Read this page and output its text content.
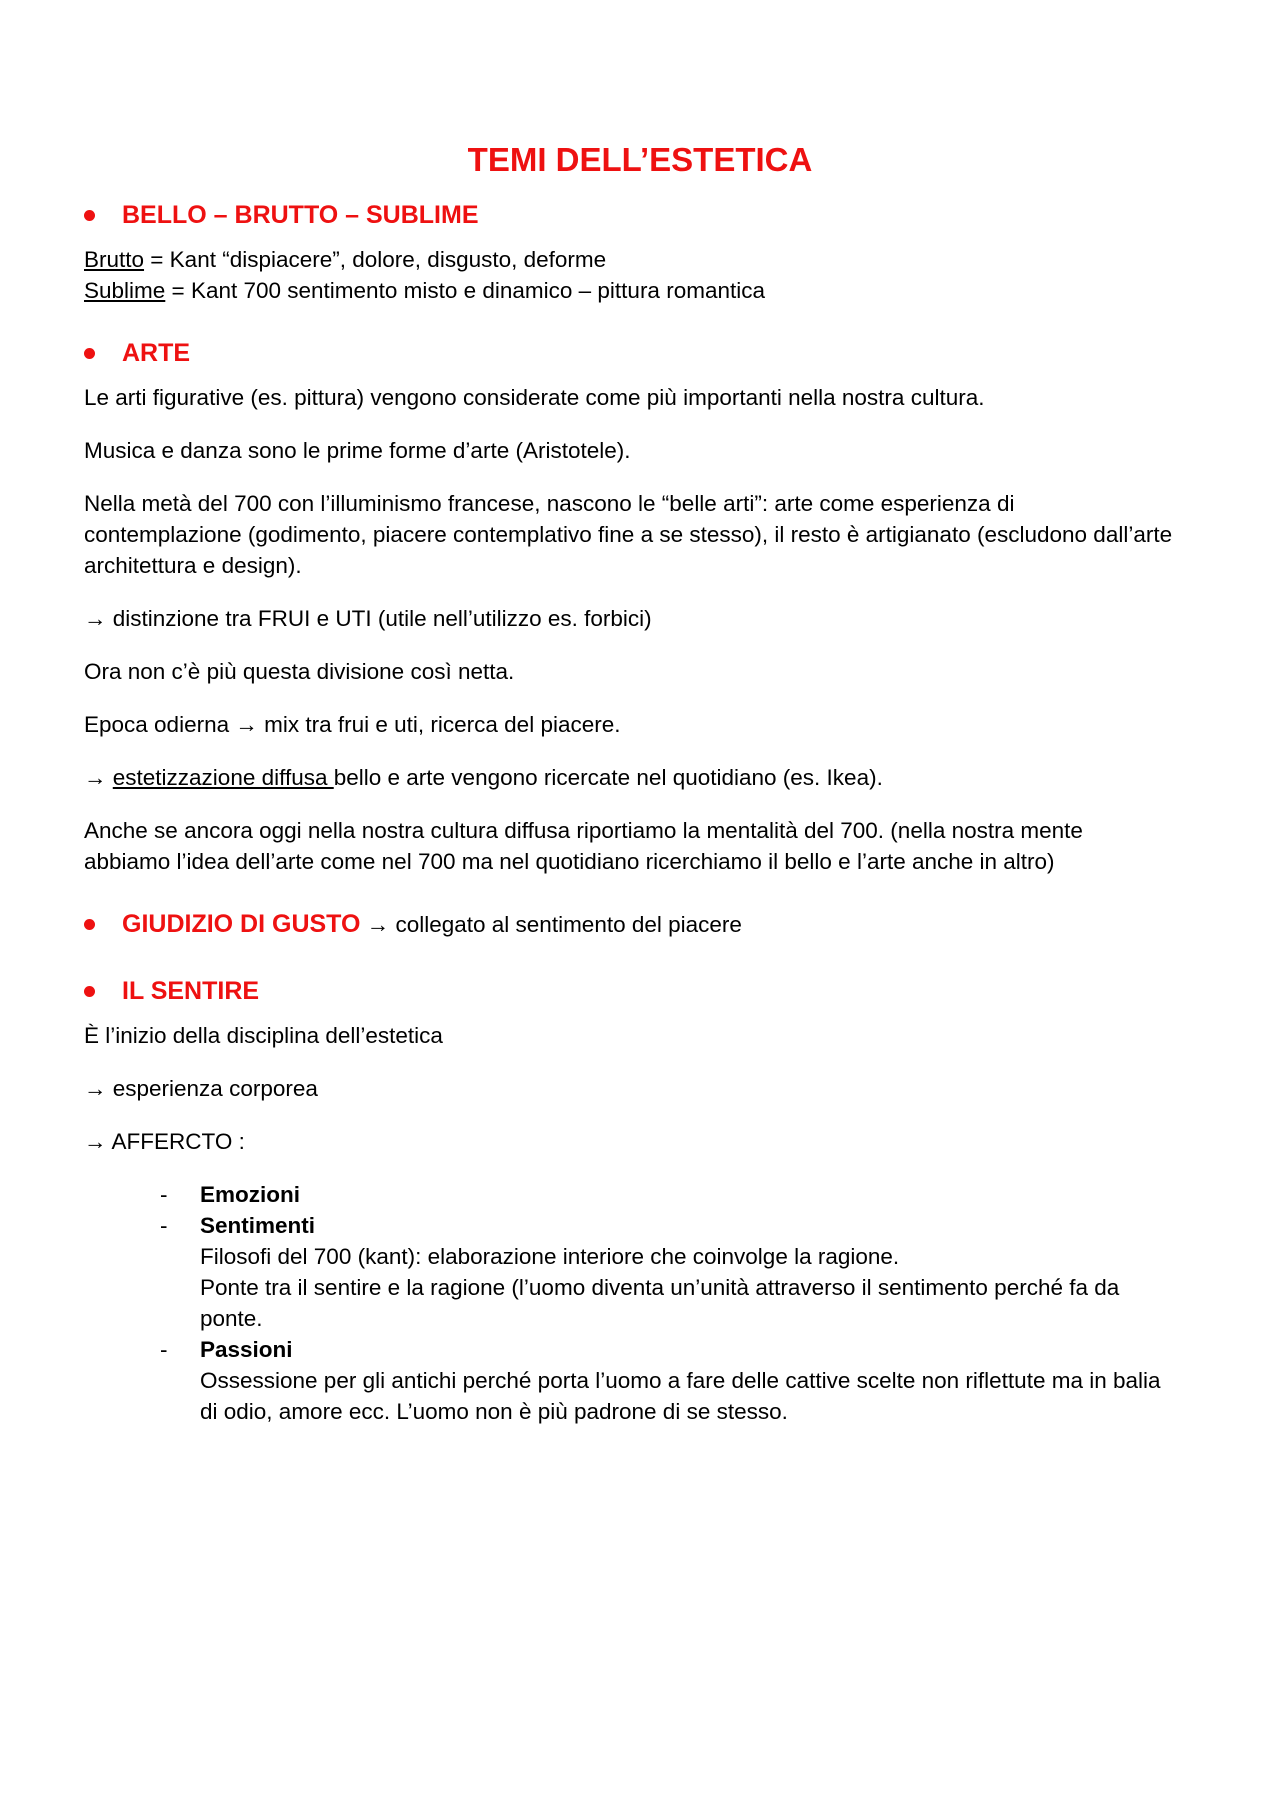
TEMI DELL’ESTETICA
BELLO – BRUTTO – SUBLIME

Brutto = Kant “dispiacere”, dolore, disgusto, deforme
Sublime = Kant 700 sentimento misto e dinamico – pittura romantica

ARTE

Le arti figurative (es. pittura) vengono considerate come più importanti nella nostra cultura.

Musica e danza sono le prime forme d’arte (Aristotele).

Nella metà del 700 con l’illuminismo francese, nascono le “belle arti”: arte come esperienza di contemplazione (godimento, piacere contemplativo fine a se stesso), il resto è artigianato (escludono dall’arte architettura e design).

→ distinzione tra FRUI e UTI (utile nell’utilizzo es. forbici)

Ora non c’è più questa divisione così netta.

Epoca odierna → mix tra frui e uti, ricerca del piacere.

→ estetizzazione diffusa bello e arte vengono ricercate nel quotidiano (es. Ikea).

Anche se ancora oggi nella nostra cultura diffusa riportiamo la mentalità del 700. (nella nostra mente abbiamo l’idea dell’arte come nel 700 ma nel quotidiano ricerchiamo il bello e l’arte anche in altro)

GIUDIZIO DI GUSTO → collegato al sentimento del piacere
IL SENTIRE

È l’inizio della disciplina dell’estetica

→ esperienza corporea

→ AFFERCTO :

- Emozioni
- Sentimenti
Filosofi del 700 (kant): elaborazione interiore che coinvolge la ragione.
Ponte tra il sentire e la ragione (l’uomo diventa un’unità attraverso il sentimento perché fa da ponte.
- Passioni
Ossessione per gli antichi perché porta l’uomo a fare delle cattive scelte non riflettute ma in balia di odio, amore ecc. L’uomo non è più padrone di se stesso.
